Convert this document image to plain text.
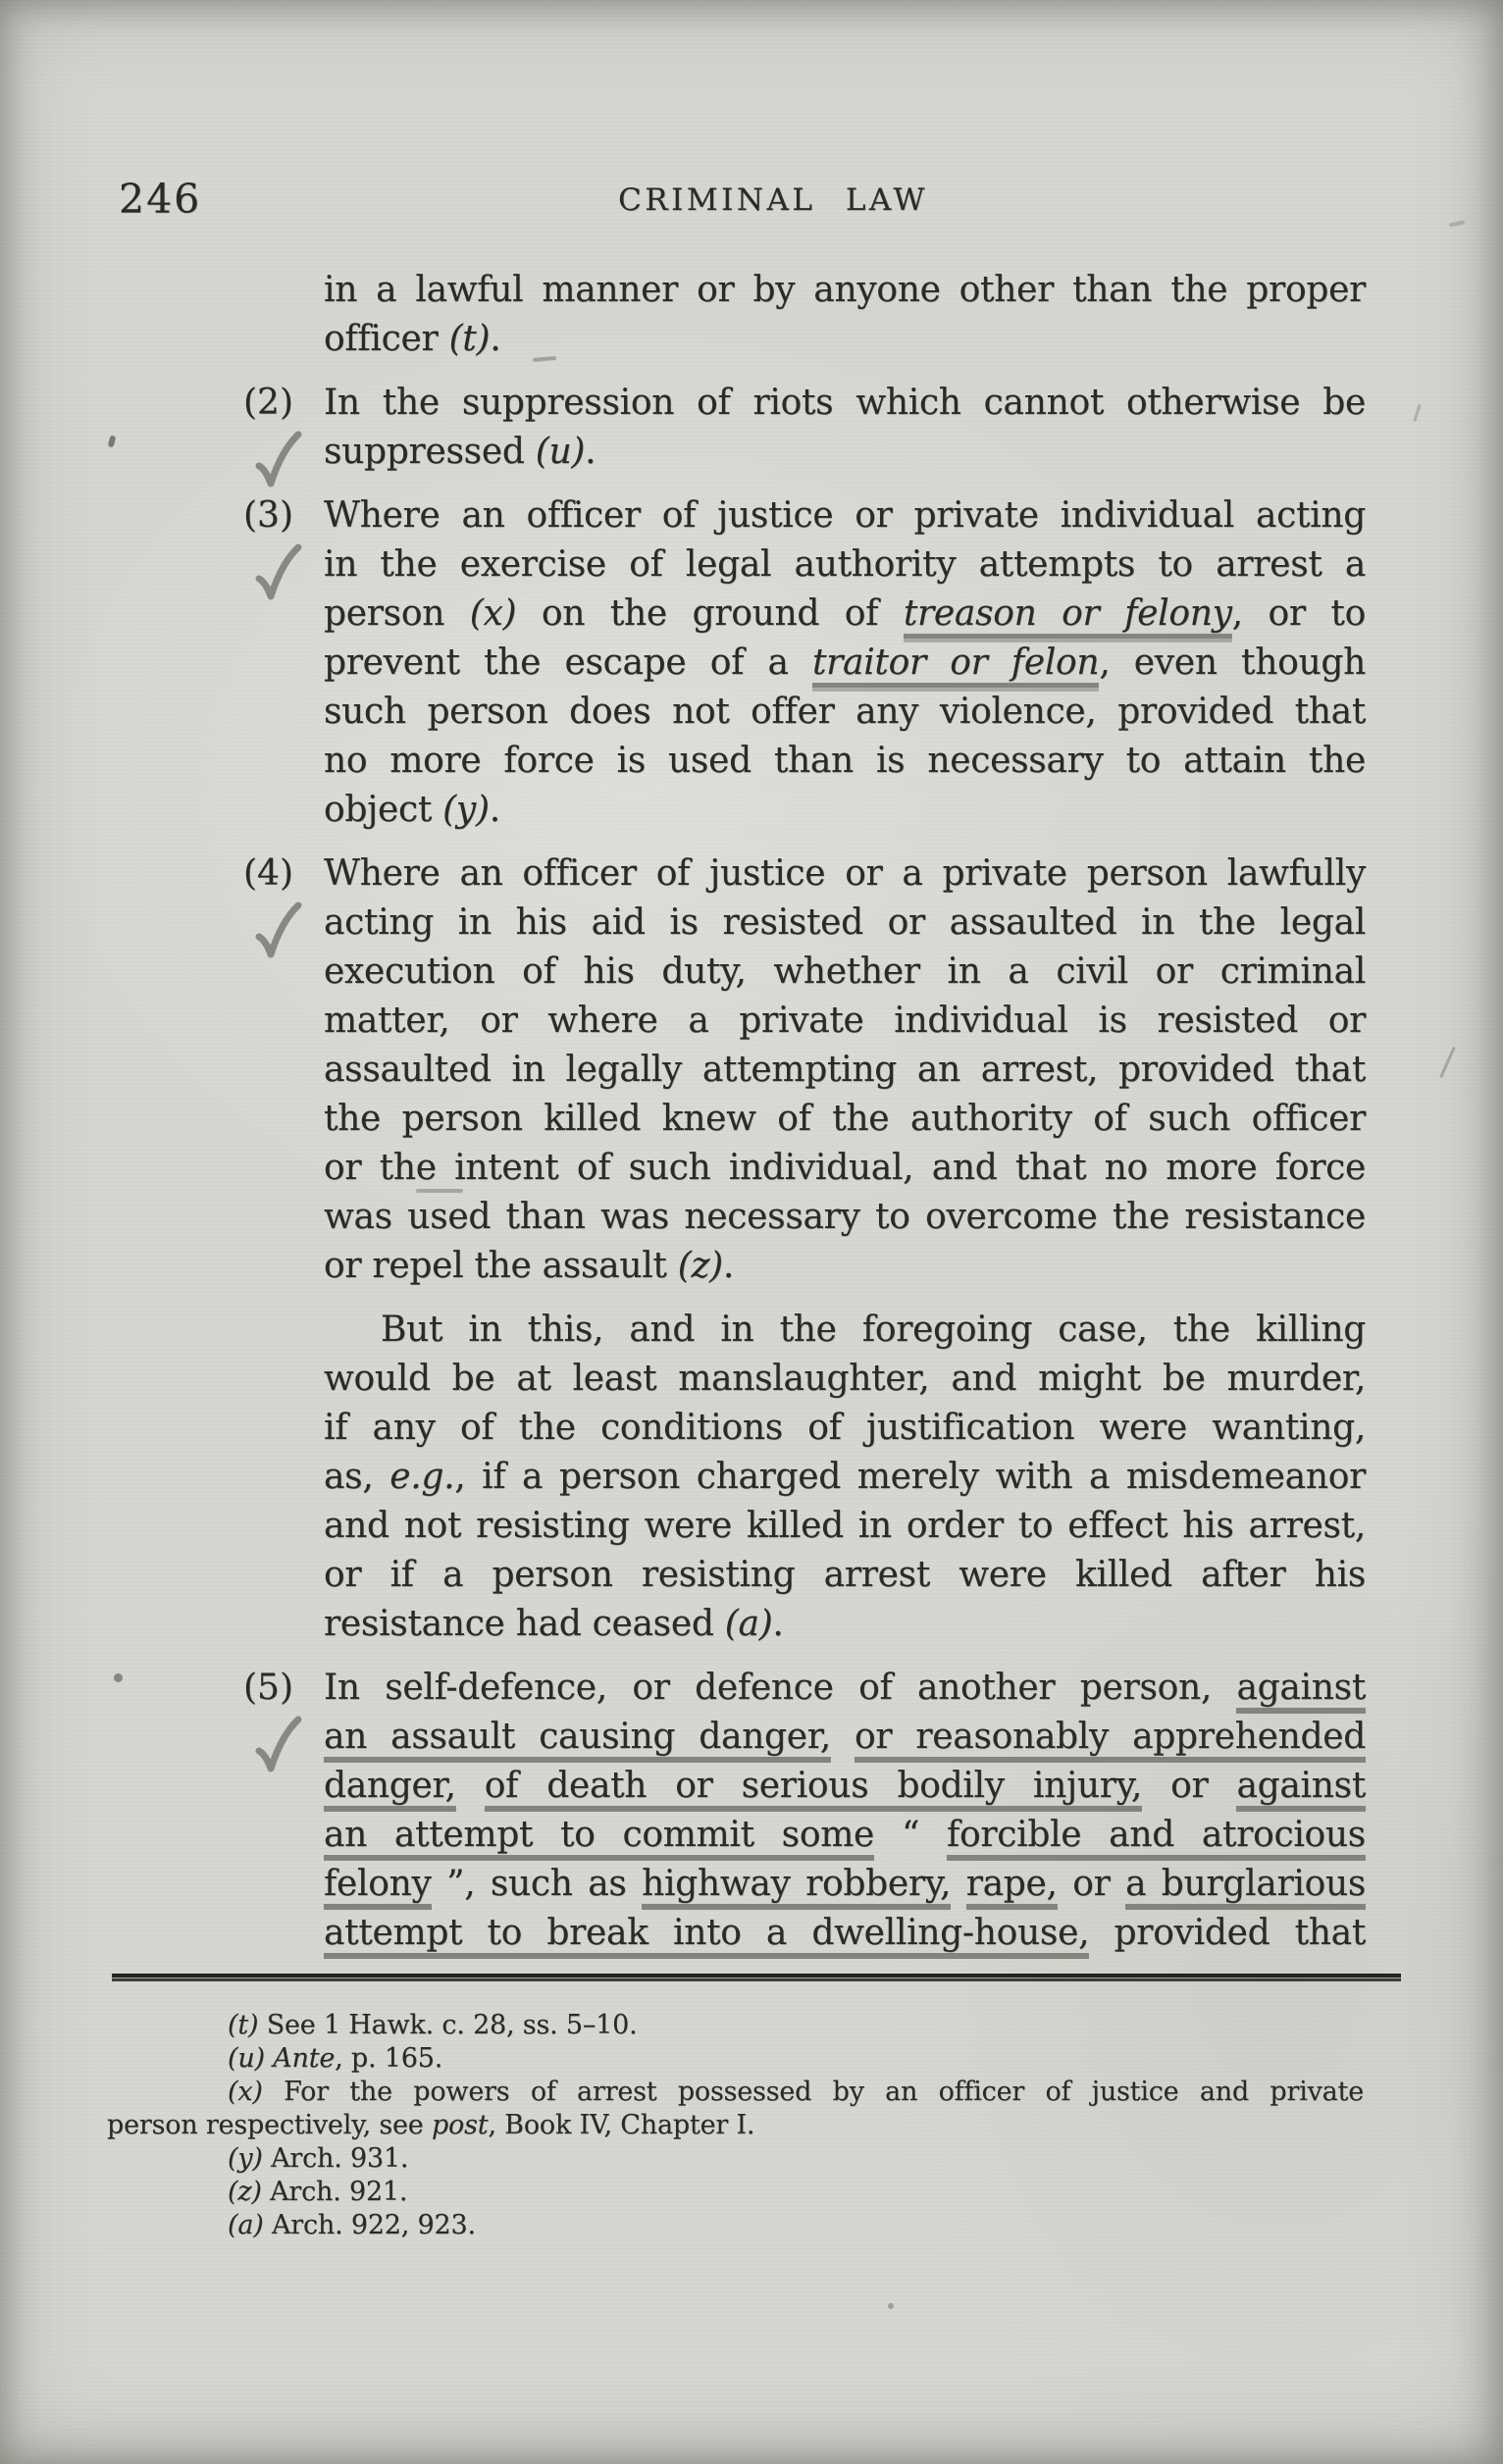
246	CRIMINAL LAW
in a lawful manner or by anyone other than the proper
officer (t).
In the suppression of riots which cannot otherwise be
(2)
suppressed (u).
Where an officer of justice or private individual acting
(3)
in the exercise of legal authority attempts to arrest a
person (x) on the ground of treason or felony, or to
prevent the escape of a traitor or felon, even though
such person does not offer any violence, provided that
no more force is used than is necessary to attain the
object (y).
Where an officer of justice or a private person lawfully
(4)
acting in his aid is resisted or assaulted in the legal
execution of his duty, whether in a civil or criminal
matter, or where a private individual is resisted or
assaulted in legally attempting an arrest, provided that
the person killed knew of the authority of such officer
or the intent of such individual, and that no more force
was used than was necessary to overcome the resistance
or repel the assault (z).
But in this, and in the foregoing case, the killing
would be at least manslaughter, and might be murder,
if any of the conditions of justification were wanting,
as, e.g., if a person charged merely with a misdemeanor
and not resisting were killed in order to effect his arrest,
or if a person resisting arrest were killed after his
resistance had ceased (a).
In self-defence, or defence of another person, against
(5)
an assault causing danger, or reasonably apprehended
danger, of death or serious bodily injury, or against
an attempt to commit some “ forcible and atrocious
felony ”, such as highway robbery, rape, or a burglarious
attempt to break into a dwelling-house, provided that
(t) See 1 Hawk. c. 28, ss. 5–10.
(u) Ante, p. 165.
(x) For the powers of arrest possessed by an officer of justice and private
person respectively, see post, Book IV, Chapter I.
(y) Arch. 931.
(z) Arch. 921.
(a) Arch. 922, 923.
